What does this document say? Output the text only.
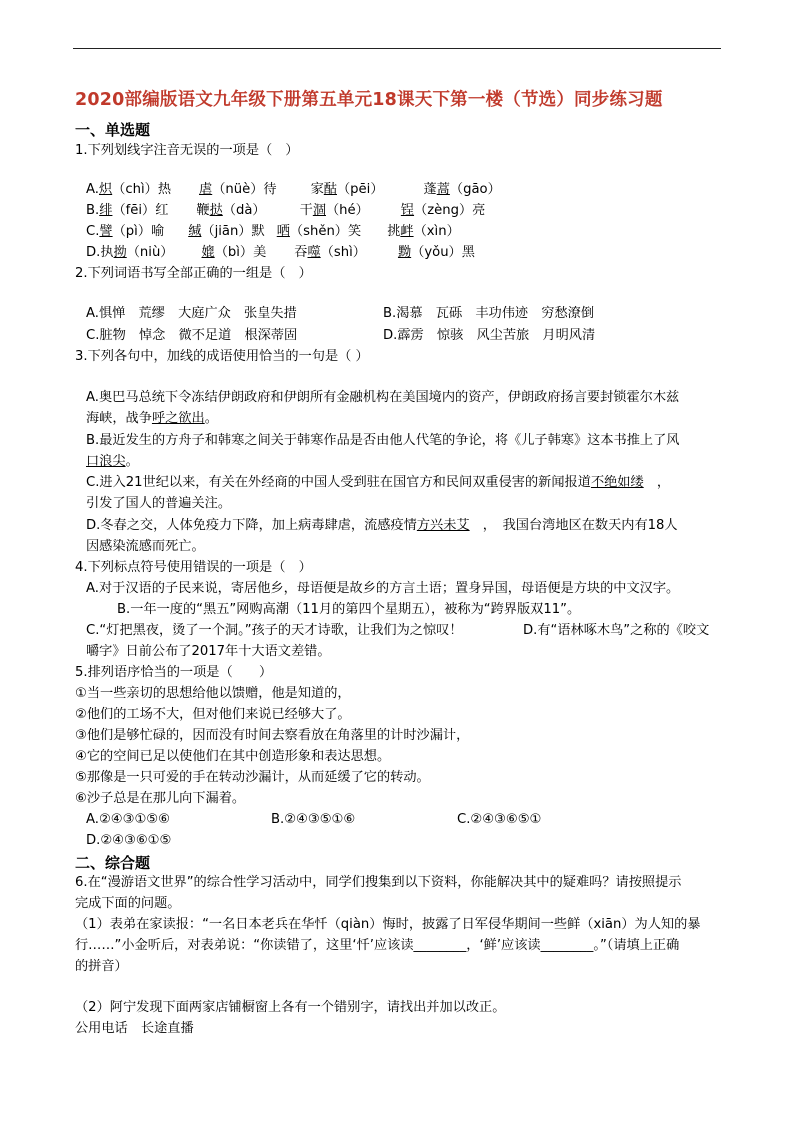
2020部编版语文九年级下册第五单元18课天下第一楼（节选）同步练习题
一、单选题
1.下列划线字注音无误的一项是（　）
A.炽（chì）热 虐（nüè）待	家酤（pēi）	蓬蒿（gāo）
B.绯（fēi）红 鞭挞（dà）	干涸（hé） 锃（zèng）亮
C.譬（pì）喻 缄（jiān）默 哂（shěn）笑 挑衅（xìn）
D.执拗（niù） 媲（bì）美 吞噬（shì） 黝（yǒu）黑
2.下列词语书写全部正确的一组是（　）
A.惧惮　荒缪　大庭广众　张皇失措	B.渴慕　瓦砾　丰功伟迹　穷愁潦倒
C.脏物　悼念　微不足道　根深蒂固	D.霹雳　惊骇　风尘苦旅　月明风清
3.下列各句中，加线的成语使用恰当的一句是（ ）
A.奥巴马总统下令冻结伊朗政府和伊朗所有金融机构在美国境内的资产，伊朗政府扬言要封锁霍尔木兹
海峡，战争呼之欲出。
B.最近发生的方舟子和韩寒之间关于韩寒作品是否由他人代笔的争论，将《儿子韩寒》这本书推上了风
口浪尖。
C.进入21世纪以来，有关在外经商的中国人受到驻在国官方和民间双重侵害的新闻报道不绝如缕　，
引发了国人的普遍关注。
D.冬春之交，人体免疫力下降，加上病毒肆虐，流感疫情方兴未艾　，　我国台湾地区在数天内有18人
因感染流感而死亡。
4.下列标点符号使用错误的一项是（　）
A.对于汉语的子民来说，寄居他乡，母语便是故乡的方言土语；置身异国，母语便是方块的中文汉字。
B.一年一度的“黑五”网购高潮（11月的第四个星期五），被称为“跨界版双11”。
C.“灯把黑夜，烫了一个洞。”孩子的天才诗歌，让我们为之惊叹！	D.有“语林啄木鸟”之称的《咬文
嚼字》日前公布了2017年十大语文差错。
5.排列语序恰当的一项是（　　）
①当一些亲切的思想给他以馈赠，他是知道的，
②他们的工场不大，但对他们来说已经够大了。
③他们是够忙碌的，因而没有时间去察看放在角落里的计时沙漏计，
④它的空间已足以使他们在其中创造形象和表达思想。
⑤那像是一只可爱的手在转动沙漏计，从而延缓了它的转动。
⑥沙子总是在那儿向下漏着。
A.②④③①⑤⑥	B.②④③⑤①⑥	C.②④③⑥⑤①
D.②④③⑥①⑤
二、综合题
6.在“漫游语文世界”的综合性学习活动中，同学们搜集到以下资料，你能解决其中的疑难吗？请按照提示
完成下面的问题。
（1）表弟在家读报：“一名日本老兵在华忏（qiàn）悔时，披露了日军侵华期间一些鲜（xiān）为人知的暴
行……”小金听后，对表弟说：“你读错了，这里‘忏’应该读________，‘鲜’应该读________。”（请填上正确
的拼音）
（2）阿宁发现下面两家店铺橱窗上各有一个错别字，请找出并加以改正。
公用电话　长途直播
